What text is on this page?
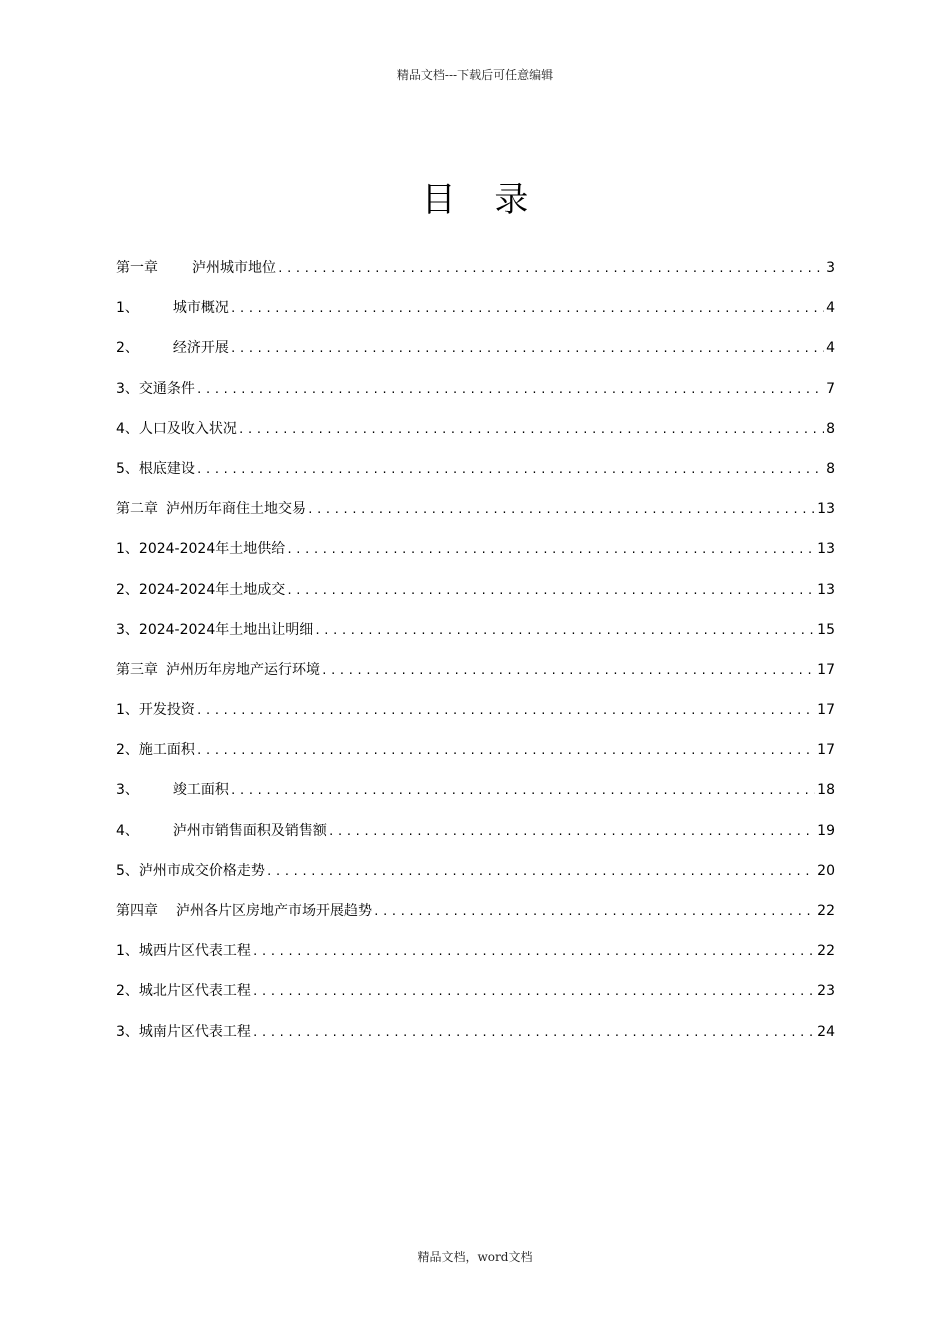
精品文档---下载后可任意编辑
目 录
第一章 泸州城市地位 .....	3
1、 城市概况 .....	4
2、 经济开展 .....	4
3、 交通条件 .....	7
4、 人口及收入状况 .....	8
5、 根底建设 .....	8
第二章 泸州历年商住土地交易 .....	13
1、 2024-2024年土地供给 .....	13
2、 2024-2024年土地成交 .....	13
3、 2024-2024年土地出让明细 .....	15
第三章 泸州历年房地产运行环境 .....	17
1、 开发投资 .....	17
2、 施工面积 .....	17
3、 竣工面积 .....	18
4、 泸州市销售面积及销售额 .....	19
5、 泸州市成交价格走势 .....	20
第四章 泸州各片区房地产市场开展趋势 .....	22
1、 城西片区代表工程 .....	22
2、 城北片区代表工程 .....	23
3、 城南片区代表工程 .....	24
精品文档，word文档
